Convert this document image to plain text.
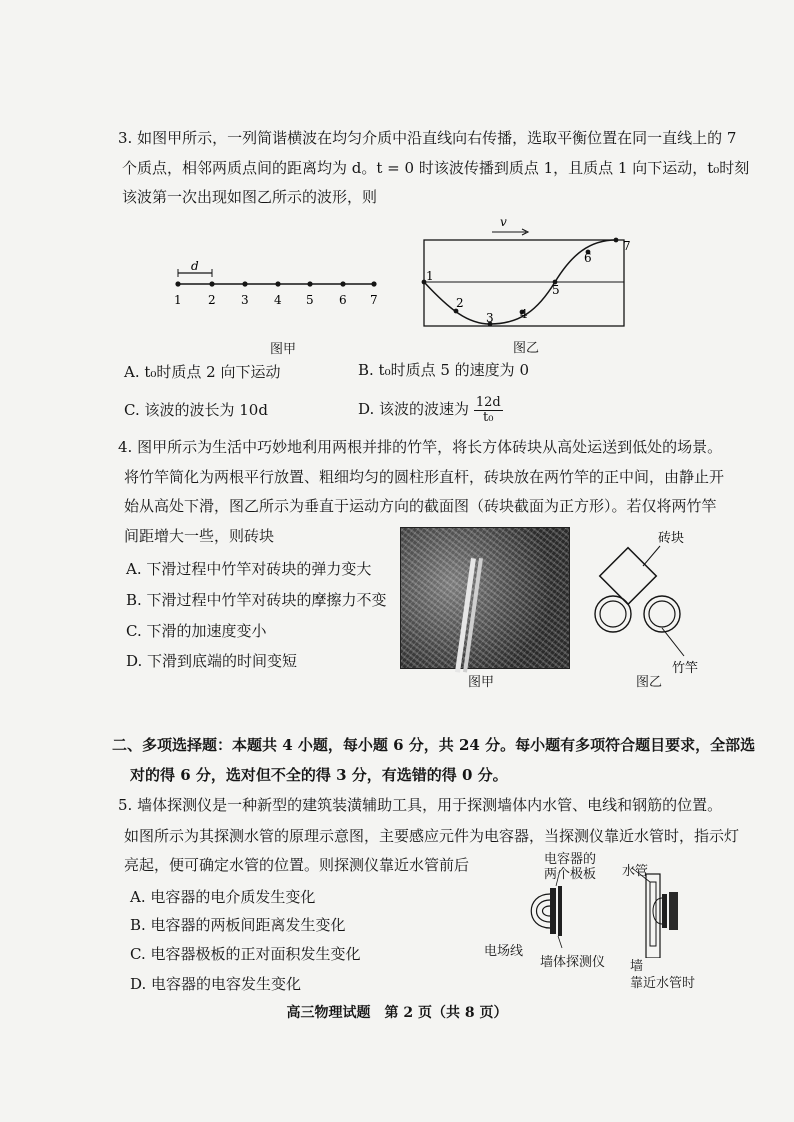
3. 如图甲所示，一列简谐横波在均匀介质中沿直线向右传播，选取平衡位置在同一直线上的 7
个质点，相邻两质点间的距离均为 d。t = 0 时该波传播到质点 1，且质点 1 向下运动，t₀时刻
该波第一次出现如图乙所示的波形，则
d
1 2 3 4 5 6 7
图甲
v
1
2
3 4
5
6
7
图乙
A. t₀时质点 2 向下运动	B. t₀时质点 5 的速度为 0
C. 该波的波长为 10d	D. 该波的波速为 $\frac{12d}{\text{t₀}}$
4. 图甲所示为生活中巧妙地利用两根并排的竹竿，将长方体砖块从高处运送到低处的场景。
将竹竿简化为两根平行放置、粗细均匀的圆柱形直杆，砖块放在两竹竿的正中间，由静止开
始从高处下滑，图乙所示为垂直于运动方向的截面图（砖块截面为正方形）。若仅将两竹竿
间距增大一些，则砖块
A. 下滑过程中竹竿对砖块的弹力变大
B. 下滑过程中竹竿对砖块的摩擦力不变
C. 下滑的加速度变小
D. 下滑到底端的时间变短
图甲
砖块
竹竿
图乙
二、多项选择题：本题共 4 小题，每小题 6 分，共 24 分。每小题有多项符合题目要求，全部选
对的得 6 分，选对但不全的得 3 分，有选错的得 0 分。
5. 墙体探测仪是一种新型的建筑装潢辅助工具，用于探测墙体内水管、电线和钢筋的位置。
如图所示为其探测水管的原理示意图，主要感应元件为电容器，当探测仪靠近水管时，指示灯
亮起，便可确定水管的位置。则探测仪靠近水管前后
A. 电容器的电介质发生变化
B. 电容器的两板间距离发生变化
C. 电容器极板的正对面积发生变化
D. 电容器的电容发生变化
电容器的
两个极板 水管
电场线
墙体探测仪 墙
靠近水管时
高三物理试题　第 2 页（共 8 页）
